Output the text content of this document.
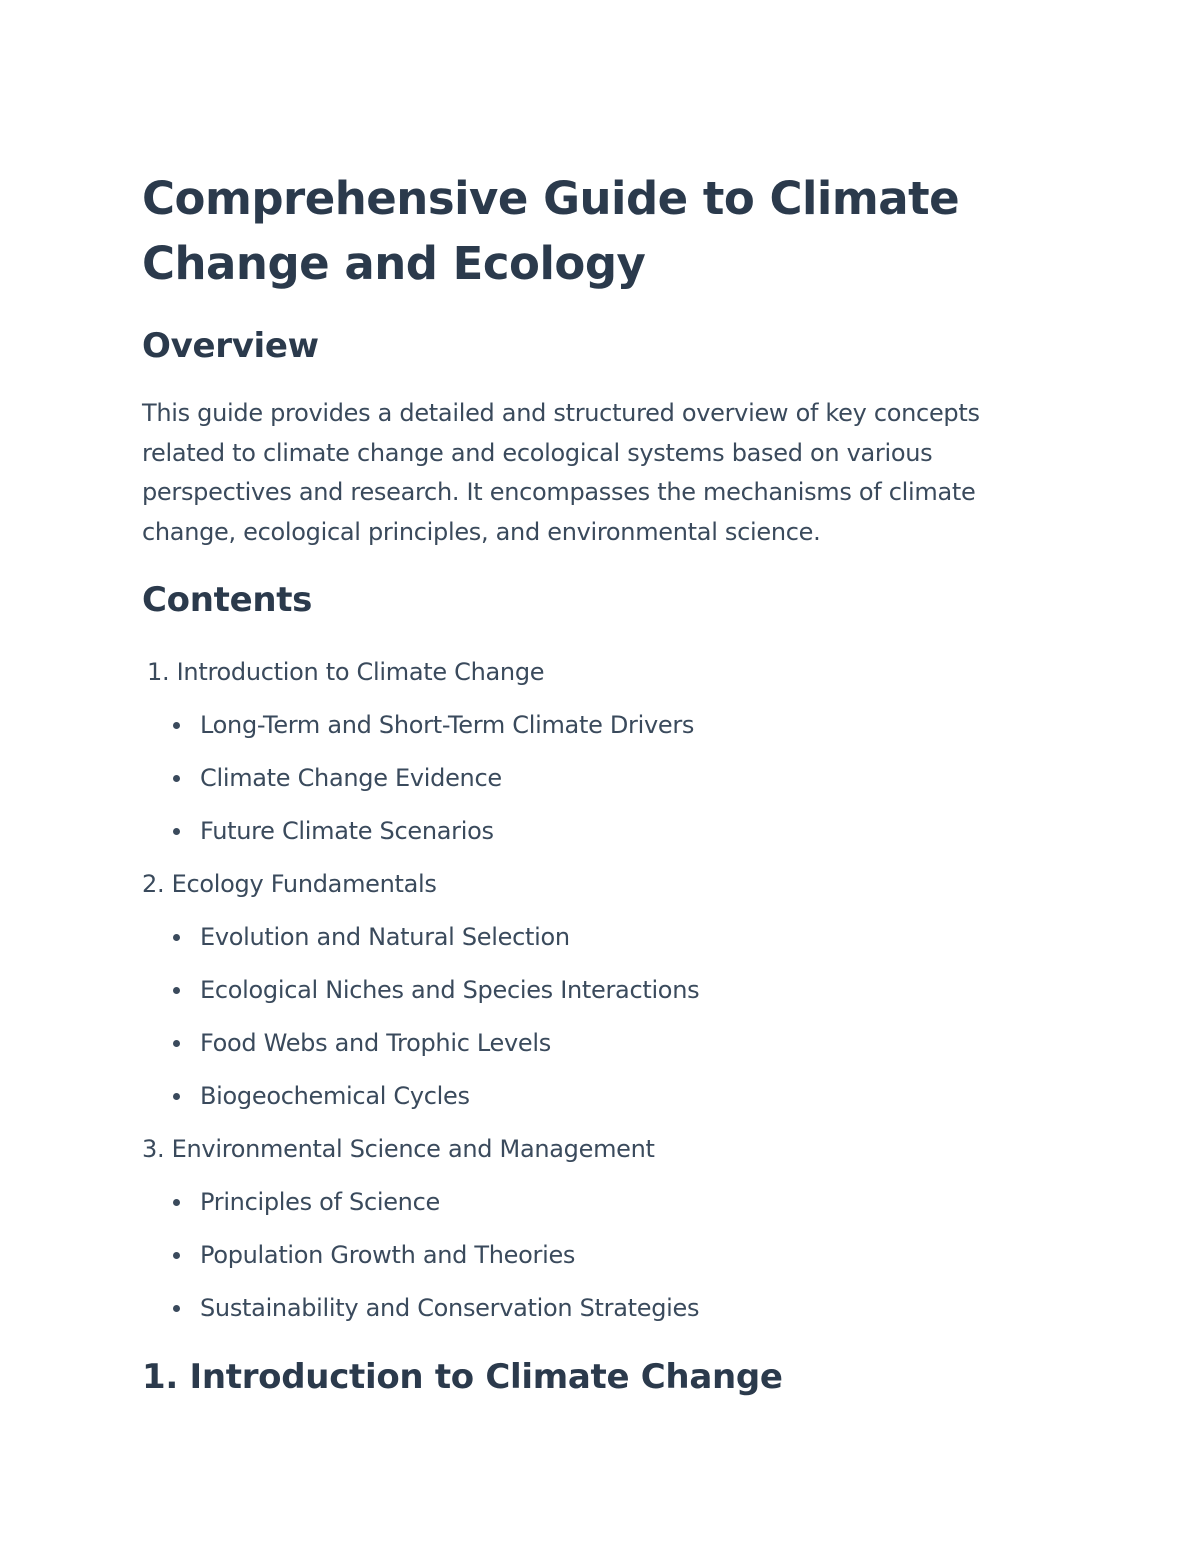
Comprehensive Guide to Climate Change and Ecology
Overview

This guide provides a detailed and structured overview of key concepts related to climate change and ecological systems based on various perspectives and research. It encompasses the mechanisms of climate change, ecological principles, and environmental science.

Contents
1. Introduction to Climate Change
Long-Term and Short-Term Climate Drivers
Climate Change Evidence
Future Climate Scenarios
2. Ecology Fundamentals
Evolution and Natural Selection
Ecological Niches and Species Interactions
Food Webs and Trophic Levels
Biogeochemical Cycles
3. Environmental Science and Management
Principles of Science
Population Growth and Theories
Sustainability and Conservation Strategies
1. Introduction to Climate Change
